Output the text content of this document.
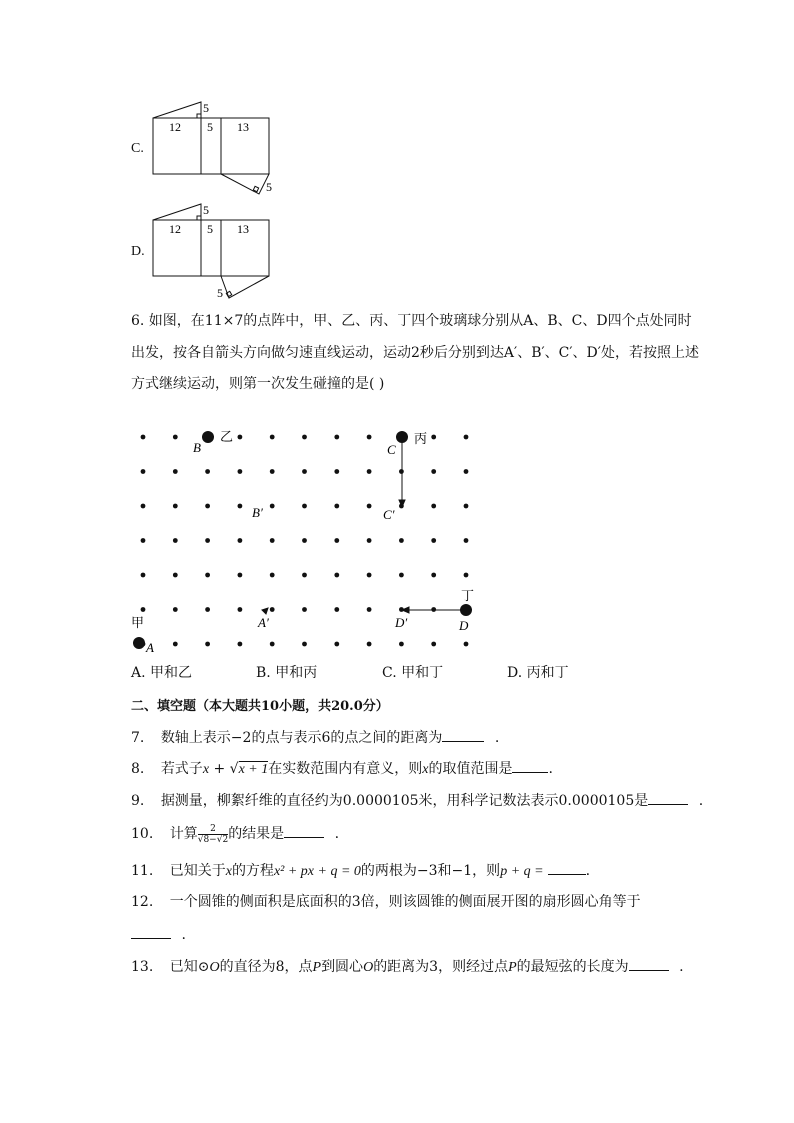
C.
12 5 13
5
5
D.
12 5 13
5
5
6. 如图，在11×7的点阵中，甲、乙、丙、丁四个玻璃球分别从A、B、C、D四个点处同时
出发，按各自箭头方向做匀速直线运动，运动2秒后分别到达A′、B′、C′、D′处，若按照上述
方式继续运动，则第一次发生碰撞的是( )
乙
B
丙
C
B′	C′
丁
D
D′
A′
甲
A
A. 甲和乙	B. 甲和丙	C. 甲和丁	D. 丙和丁
二、填空题（本大题共10小题，共20.0分）
7. 数轴上表示−2的点与表示6的点之间的距离为	.
8. 若式子x + √x + 1在实数范围内有意义，则x的取值范围是	.
9. 据测量，柳絮纤维的直径约为0.0000105米，用科学记数法表示0.0000105是	.
10. 计算 $\frac{2}{√8-√2}$ 的结果是	.
11. 已知关于x的方程x² + px + q = 0的两根为−3和−1，则p + q =	.
12. 一个圆锥的侧面积是底面积的3倍，则该圆锥的侧面展开图的扇形圆心角等于
.
13. 已知⊙O的直径为8，点P到圆心O的距离为3，则经过点P的最短弦的长度为	.
